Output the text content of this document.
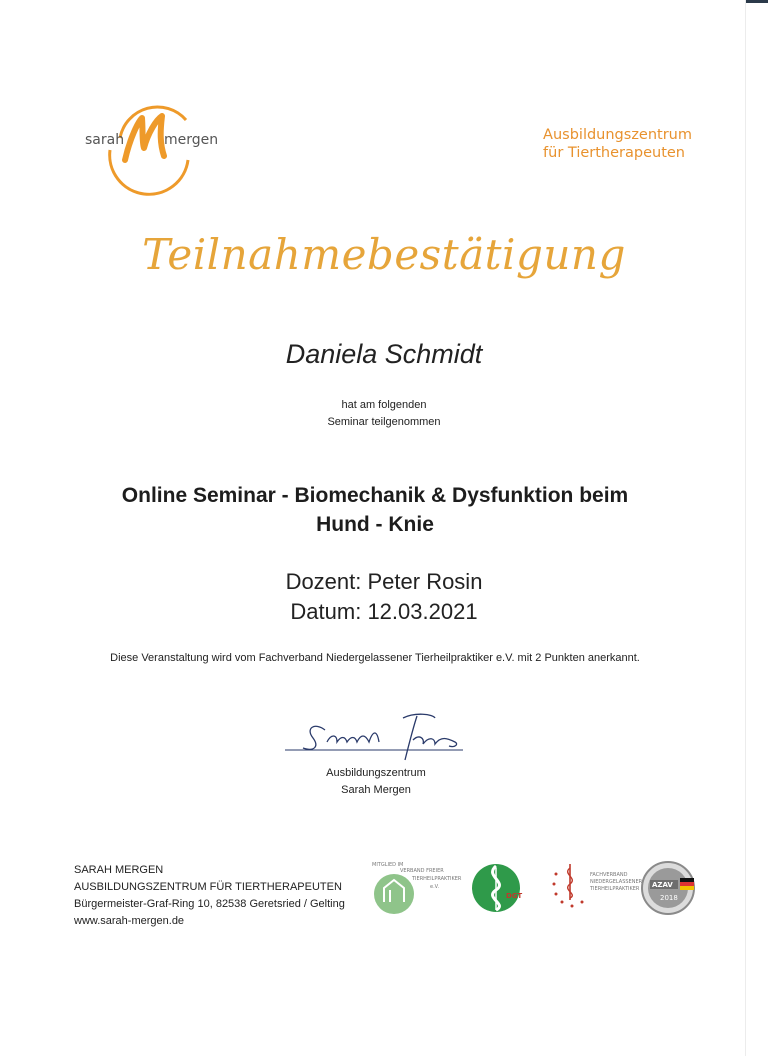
sarah	mergen	Ausbildungszentrum
für Tiertherapeuten
Teilnahmebestätigung
Daniela Schmidt
hat am folgenden
Seminar teilgenommen
Online Seminar - Biomechanik & Dysfunktion beim
Hund - Knie
Dozent: Peter Rosin
Datum: 12.03.2021
Diese Veranstaltung wird vom Fachverband Niedergelassener Tierheilpraktiker e.V. mit 2 Punkten anerkannt.
Ausbildungszentrum
Sarah Mergen
SARAH MERGEN
AUSBILDUNGSZENTRUM FÜR TIERTHERAPEUTEN
Bürgermeister-Graf-Ring 10, 82538 Geretsried / Gelting
www.sarah-mergen.de
MITGLIED IM
VERBAND FREIER
TIERHEILPRAKTIKER
e.V.
DGT
FACHVERBAND
NIEDERGELASSENER
TIERHEILPRAKTIKER AZAV
2018
